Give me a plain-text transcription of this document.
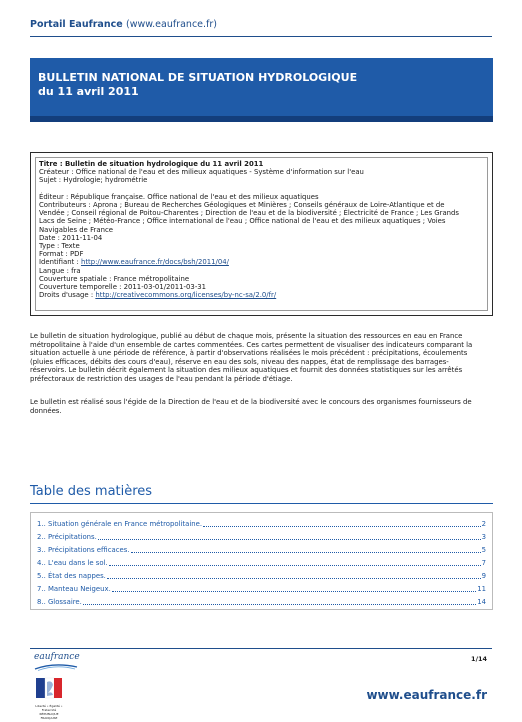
Portail Eaufrance (www.eaufrance.fr)
BULLETIN NATIONAL DE SITUATION HYDROLOGIQUE
du 11 avril 2011

Titre : Bulletin de situation hydrologique du 11 avril 2011

Créateur : Office national de l'eau et des milieux aquatiques - Système d'information sur l'eau

Sujet : Hydrologie; hydrométrie

Éditeur : République française. Office national de l'eau et des milieux aquatiques

Contributeurs : Aprona ; Bureau de Recherches Géologiques et Minières ; Conseils généraux de Loire-Atlantique et de

Vendée ; Conseil régional de Poitou-Charentes ; Direction de l'eau et de la biodiversité ; Électricité de France ; Les Grands

Lacs de Seine ; Météo-France ; Office international de l'eau ; Office national de l'eau et des milieux aquatiques ; Voies

Navigables de France

Date : 2011-11-04

Type : Texte

Format : PDF

Identifiant : http://www.eaufrance.fr/docs/bsh/2011/04/

Langue : fra

Couverture spatiale : France métropolitaine

Couverture temporelle : 2011-03-01/2011-03-31

Droits d'usage : http://creativecommons.org/licenses/by-nc-sa/2.0/fr/

Le bulletin de situation hydrologique, publié au début de chaque mois, présente la situation des ressources en eau en France
métropolitaine à l'aide d'un ensemble de cartes commentées. Ces cartes permettent de visualiser des indicateurs comparant la
situation actuelle à une période de référence, à partir d'observations réalisées le mois précédent : précipitations, écoulements
(pluies efficaces, débits des cours d'eau), réserve en eau des sols, niveau des nappes, état de remplissage des barrages-
réservoirs. Le bulletin décrit également la situation des milieux aquatiques et fournit des données statistiques sur les arrêtés
préfectoraux de restriction des usages de l'eau pendant la période d'étiage.
Le bulletin est réalisé sous l'égide de la Direction de l'eau et de la biodiversité avec le concours des organismes fournisseurs de
données.
Table des matières
1.. Situation générale en France métropolitaine.	2
2.. Précipitations.	3
3.. Précipitations efficaces.	5
4.. L'eau dans le sol.	7
5.. État des nappes.	9
7.. Manteau Neigeux.	11
8.. Glossaire.	14
eaufrance
Liberté • Égalité • Fraternité RÉPUBLIQUE FRANÇAISE
1/14
www.eaufrance.fr
